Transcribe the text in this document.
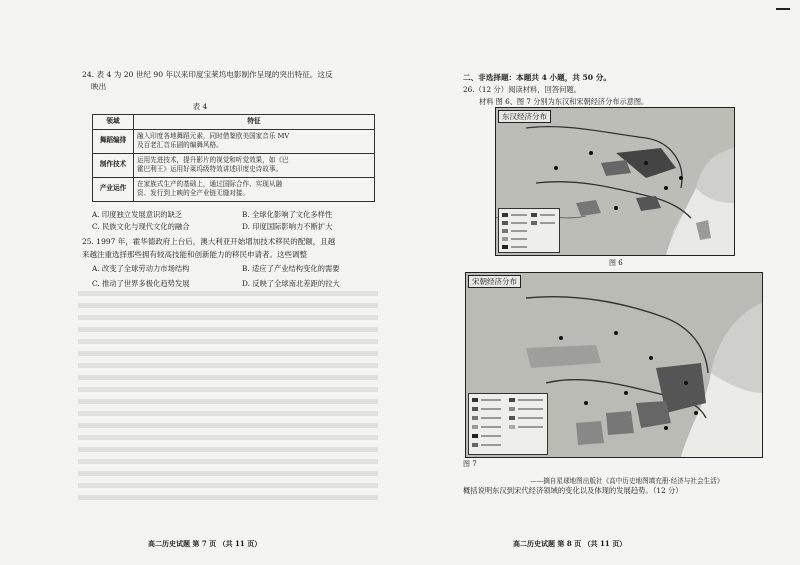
24. 表 4 为 20 世纪 90 年以来印度宝莱坞电影制作呈现的突出特征。这反
映出
表 4
领域	特征
舞蹈编排	融入印度各地舞蹈元素，同时借鉴欧美国家音乐 MV
及百老汇音乐剧的编舞风格。

制作技术	运用先进技术，提升影片的视觉和听觉效果，如《巴
霍巴利王》运用好莱坞级特效讲述印度史诗故事。

产业运作	在家族式生产的基础上，通过国际合作、实现从融
资、发行到上映的全产业链无缝对接。
A. 印度独立发展意识的缺乏	B. 全球化影响了文化多样性
C. 民族文化与现代文化的融合	D. 印度国际影响力不断扩大
25. 1997 年，霍华德政府上台后，澳大利亚开始增加技术移民的配额，且越
来越注重选择那些拥有较高技能和创新能力的移民申请者。这些调整
A. 改变了全球劳动力市场结构	B. 适应了产业结构变化的需要
C. 推动了世界多极化趋势发展	D. 反映了全球南北差距的拉大
高二历史试题 第 7 页 （共 11 页）
二、非选择题：本题共 4 小题，共 50 分。
26.（12 分）阅读材料，回答问题。
材料 图 6、图 7 分别为东汉和宋朝经济分布示意图。
东汉经济分布
图 6
宋朝经济分布
图 7
——摘自星球地图出版社《高中历史地图填充册·经济与社会生活》
概括说明东汉到宋代经济领域的变化以及体现的发展趋势。（12 分）
高二历史试题 第 8 页 （共 11 页）
